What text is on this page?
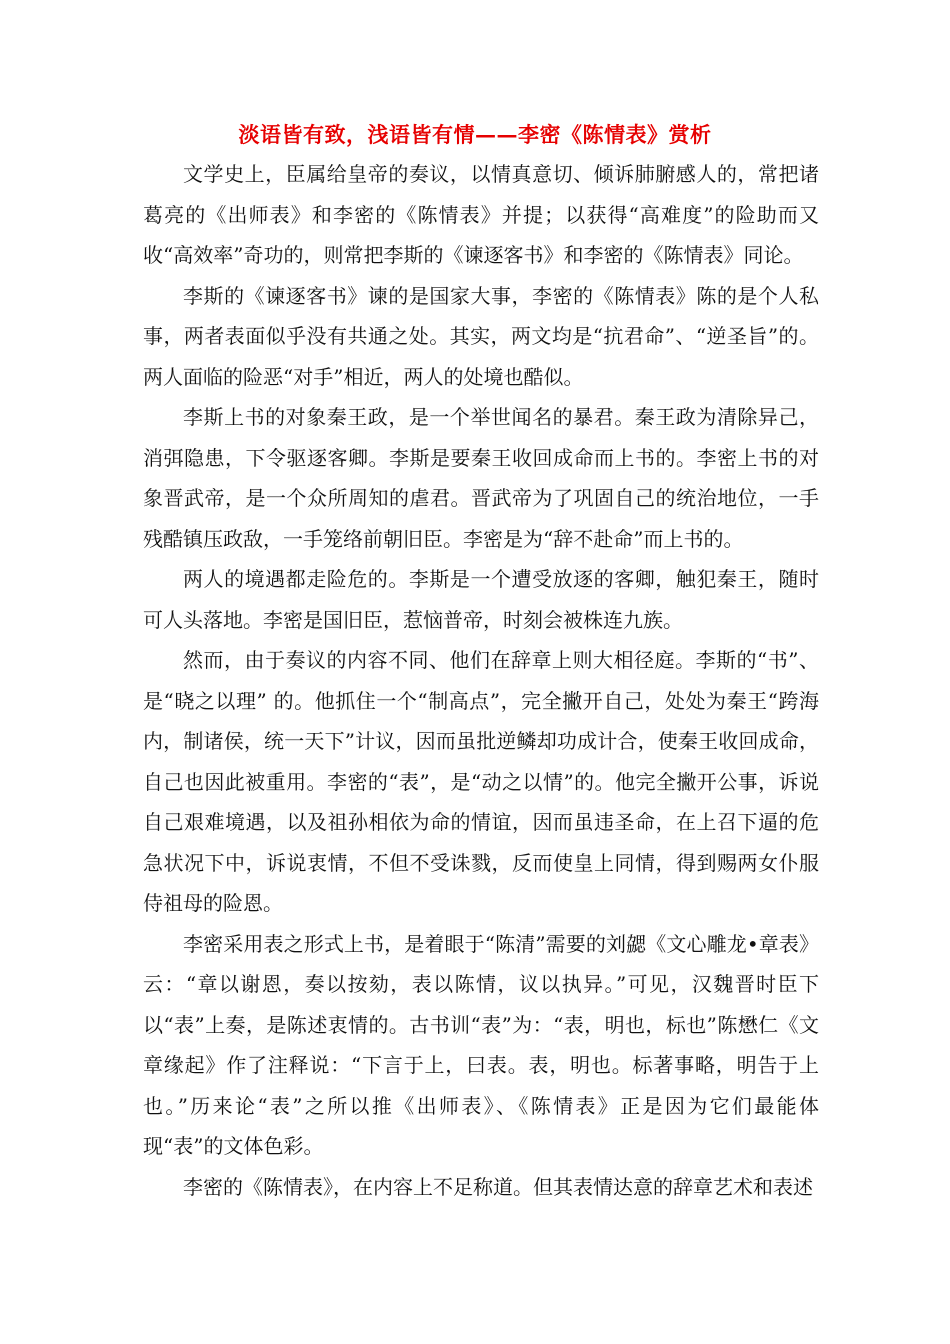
淡语皆有致，浅语皆有情——李密《陈情表》赏析

文学史上，臣属给皇帝的奏议，以情真意切、倾诉肺腑感人的，常把诸葛亮的《出师表》和李密的《陈情表》并提；以获得“高难度”的险助而又收“高效率”奇功的，则常把李斯的《谏逐客书》和李密的《陈情表》同论。

李斯的《谏逐客书》谏的是国家大事，李密的《陈情表》陈的是个人私事，两者表面似乎没有共通之处。其实，两文均是“抗君命”、“逆圣旨”的。两人面临的险恶“对手”相近，两人的处境也酷似。

李斯上书的对象秦王政，是一个举世闻名的暴君。秦王政为清除异己，消弭隐患，下令驱逐客卿。李斯是要秦王收回成命而上书的。李密上书的对象晋武帝，是一个众所周知的虐君。晋武帝为了巩固自己的统治地位，一手残酷镇压政敌，一手笼络前朝旧臣。李密是为“辞不赴命”而上书的。

两人的境遇都走险危的。李斯是一个遭受放逐的客卿，触犯秦王，随时可人头落地。李密是国旧臣，惹恼普帝，时刻会被株连九族。

然而，由于奏议的内容不同、他们在辞章上则大相径庭。李斯的“书”、是“晓之以理” 的。他抓住一个“制高点”，完全撇开自己，处处为秦王“跨海内，制诸侯，统一天下”计议，因而虽批逆鳞却功成计合，使秦王收回成命，自己也因此被重用。李密的“表”，是“动之以情”的。他完全撇开公事，诉说自己艰难境遇，以及祖孙相依为命的情谊，因而虽违圣命，在上召下逼的危急状况下中，诉说衷情，不但不受诛戮，反而使皇上同情，得到赐两女仆服侍祖母的险恩。

李密采用表之形式上书，是着眼于“陈清”需要的刘勰《文心雕龙•章表》云：“章以谢恩，奏以按劾，表以陈情，议以执异。”可见，汉魏晋时臣下以“表”上奏，是陈述衷情的。古书训“表”为：“表，明也，标也”陈懋仁《文章缘起》作了注释说：“下言于上，曰表。表，明也。标著事略，明告于上也。”历来论“表”之所以推《出师表》、《陈情表》正是因为它们最能体现“表”的文体色彩。

李密的《陈情表》，在内容上不足称道。但其表情达意的辞章艺术和表述
